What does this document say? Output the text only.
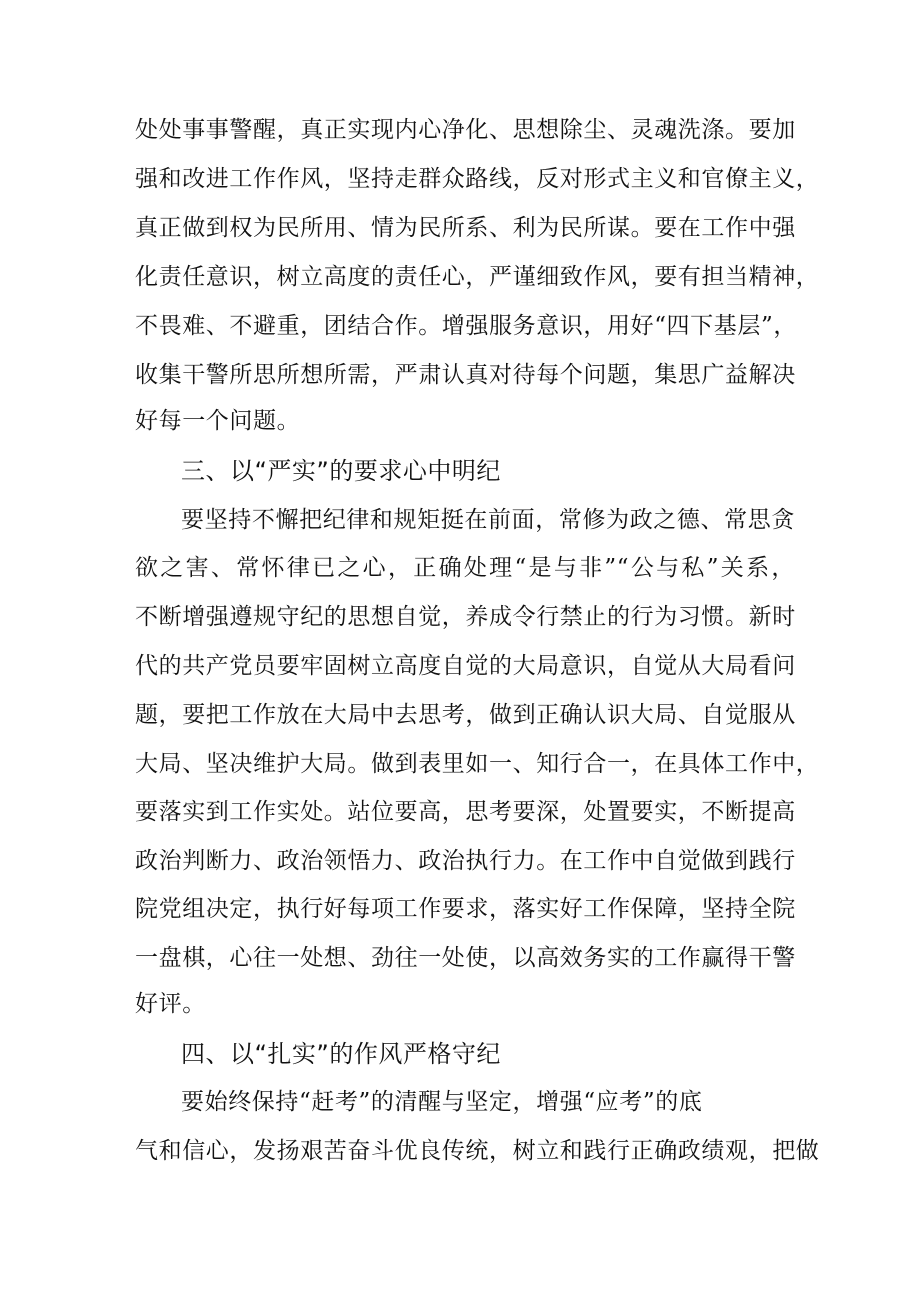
处处事事警醒，真正实现内心净化、思想除尘、灵魂洗涤。要加
强和改进工作作风，坚持走群众路线，反对形式主义和官僚主义，
真正做到权为民所用、情为民所系、利为民所谋。要在工作中强
化责任意识，树立高度的责任心，严谨细致作风，要有担当精神，
不畏难、不避重，团结合作。增强服务意识，用好“四下基层”，
收集干警所思所想所需，严肃认真对待每个问题，集思广益解决
好每一个问题。
三、以“严实”的要求心中明纪
要坚持不懈把纪律和规矩挺在前面，常修为政之德、常思贪
欲之害、常怀律已之心，正确处理“是与非”“公与私”关系，
不断增强遵规守纪的思想自觉，养成令行禁止的行为习惯。新时
代的共产党员要牢固树立高度自觉的大局意识，自觉从大局看问
题，要把工作放在大局中去思考，做到正确认识大局、自觉服从
大局、坚决维护大局。做到表里如一、知行合一，在具体工作中，
要落实到工作实处。站位要高，思考要深，处置要实，不断提高
政治判断力、政治领悟力、政治执行力。在工作中自觉做到践行
院党组决定，执行好每项工作要求，落实好工作保障，坚持全院
一盘棋，心往一处想、劲往一处使，以高效务实的工作赢得干警
好评。
四、以“扎实”的作风严格守纪
要始终保持“赶考”的清醒与坚定，增强“应考”的底
气和信心，发扬艰苦奋斗优良传统，树立和践行正确政绩观，把做
